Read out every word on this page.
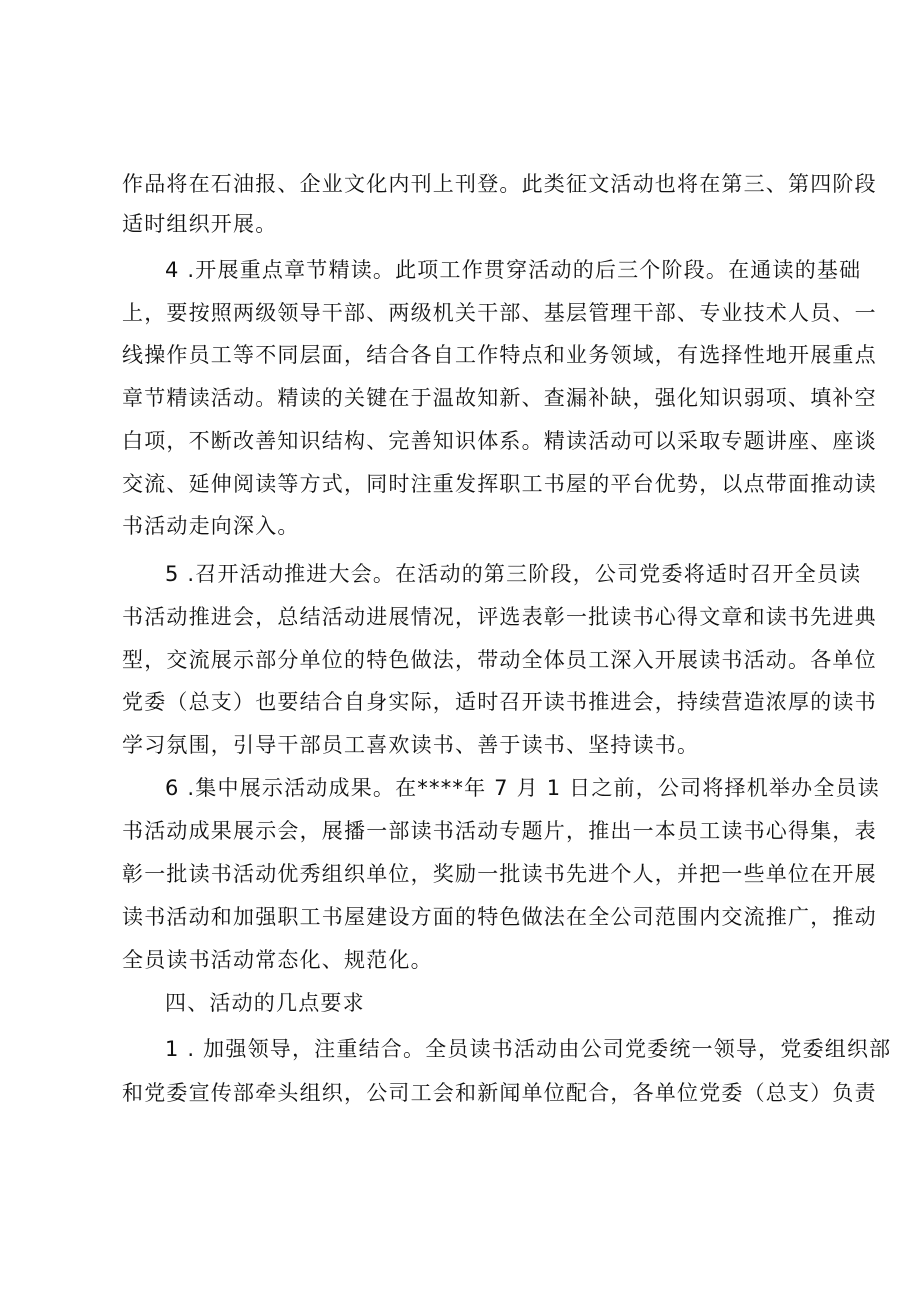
作品将在石油报、企业文化内刊上刊登。此类征文活动也将在第三、第四阶段
适时组织开展。
4 .开展重点章节精读。此项工作贯穿活动的后三个阶段。在通读的基础
上，要按照两级领导干部、两级机关干部、基层管理干部、专业技术人员、一
线操作员工等不同层面，结合各自工作特点和业务领域，有选择性地开展重点
章节精读活动。精读的关键在于温故知新、查漏补缺，强化知识弱项、填补空
白项，不断改善知识结构、完善知识体系。精读活动可以采取专题讲座、座谈
交流、延伸阅读等方式，同时注重发挥职工书屋的平台优势，以点带面推动读
书活动走向深入。
5 .召开活动推进大会。在活动的第三阶段，公司党委将适时召开全员读
书活动推进会，总结活动进展情况，评选表彰一批读书心得文章和读书先进典
型，交流展示部分单位的特色做法，带动全体员工深入开展读书活动。各单位
党委（总支）也要结合自身实际，适时召开读书推进会，持续营造浓厚的读书
学习氛围，引导干部员工喜欢读书、善于读书、坚持读书。
6 .集中展示活动成果。在****年 7 月 1 日之前，公司将择机举办全员读
书活动成果展示会，展播一部读书活动专题片，推出一本员工读书心得集，表
彰一批读书活动优秀组织单位，奖励一批读书先进个人，并把一些单位在开展
读书活动和加强职工书屋建设方面的特色做法在全公司范围内交流推广，推动
全员读书活动常态化、规范化。
四、活动的几点要求
1 . 加强领导，注重结合。全员读书活动由公司党委统一领导，党委组织部
和党委宣传部牵头组织，公司工会和新闻单位配合，各单位党委（总支）负责
